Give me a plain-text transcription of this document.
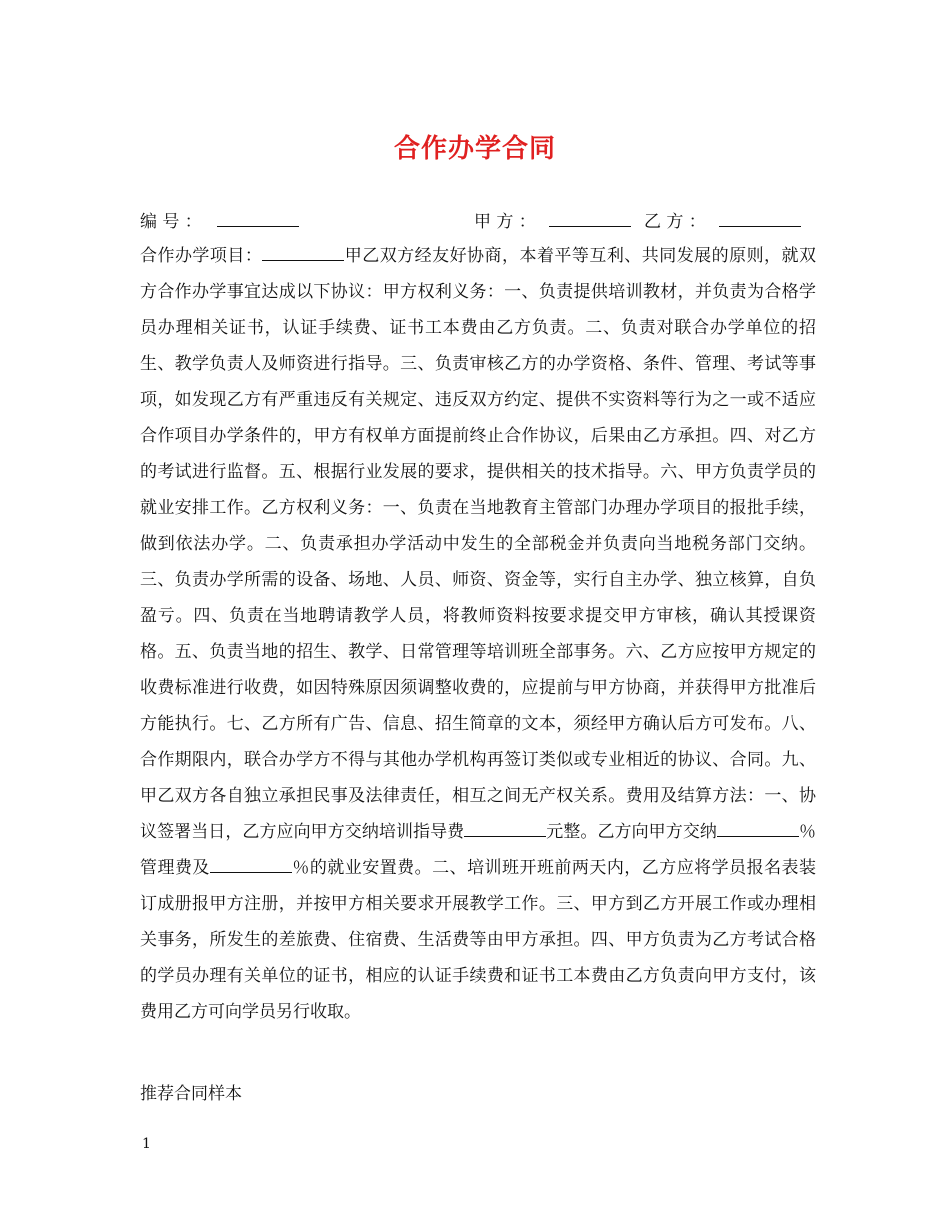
合作办学合同
编 号 ：	甲 方 ：	乙 方 ：

合作办学项目：	甲乙双方经友好协商，本着平等互利、共同发展的原则，就双方合作办学事宜达成以下协议：甲方权利义务：一、负责提供培训教材，并负责为合格学员办理相关证书，认证手续费、证书工本费由乙方负责。二、负责对联合办学单位的招生、教学负责人及师资进行指导。三、负责审核乙方的办学资格、条件、管理、考试等事项，如发现乙方有严重违反有关规定、违反双方约定、提供不实资料等行为之一或不适应合作项目办学条件的，甲方有权单方面提前终止合作协议，后果由乙方承担。四、对乙方的考试进行监督。五、根据行业发展的要求，提供相关的技术指导。六、甲方负责学员的就业安排工作。乙方权利义务：一、负责在当地教育主管部门办理办学项目的报批手续，做到依法办学。二、负责承担办学活动中发生的全部税金并负责向当地税务部门交纳。三、负责办学所需的设备、场地、人员、师资、资金等，实行自主办学、独立核算，自负盈亏。四、负责在当地聘请教学人员，将教师资料按要求提交甲方审核，确认其授课资格。五、负责当地的招生、教学、日常管理等培训班全部事务。六、乙方应按甲方规定的收费标准进行收费，如因特殊原因须调整收费的，应提前与甲方协商，并获得甲方批准后方能执行。七、乙方所有广告、信息、招生简章的文本，须经甲方确认后方可发布。八、合作期限内，联合办学方不得与其他办学机构再签订类似或专业相近的协议、合同。九、甲乙双方各自独立承担民事及法律责任，相互之间无产权关系。费用及结算方法：一、协议签署当日，乙方应向甲方交纳培训指导费	元整。乙方向甲方交纳	％管理费及	％的就业安置费。二、培训班开班前两天内，乙方应将学员报名表装订成册报甲方注册，并按甲方相关要求开展教学工作。三、甲方到乙方开展工作或办理相关事务，所发生的差旅费、住宿费、生活费等由甲方承担。四、甲方负责为乙方考试合格的学员办理有关单位的证书，相应的认证手续费和证书工本费由乙方负责向甲方支付，该费用乙方可向学员另行收取。

推荐合同样本
1
